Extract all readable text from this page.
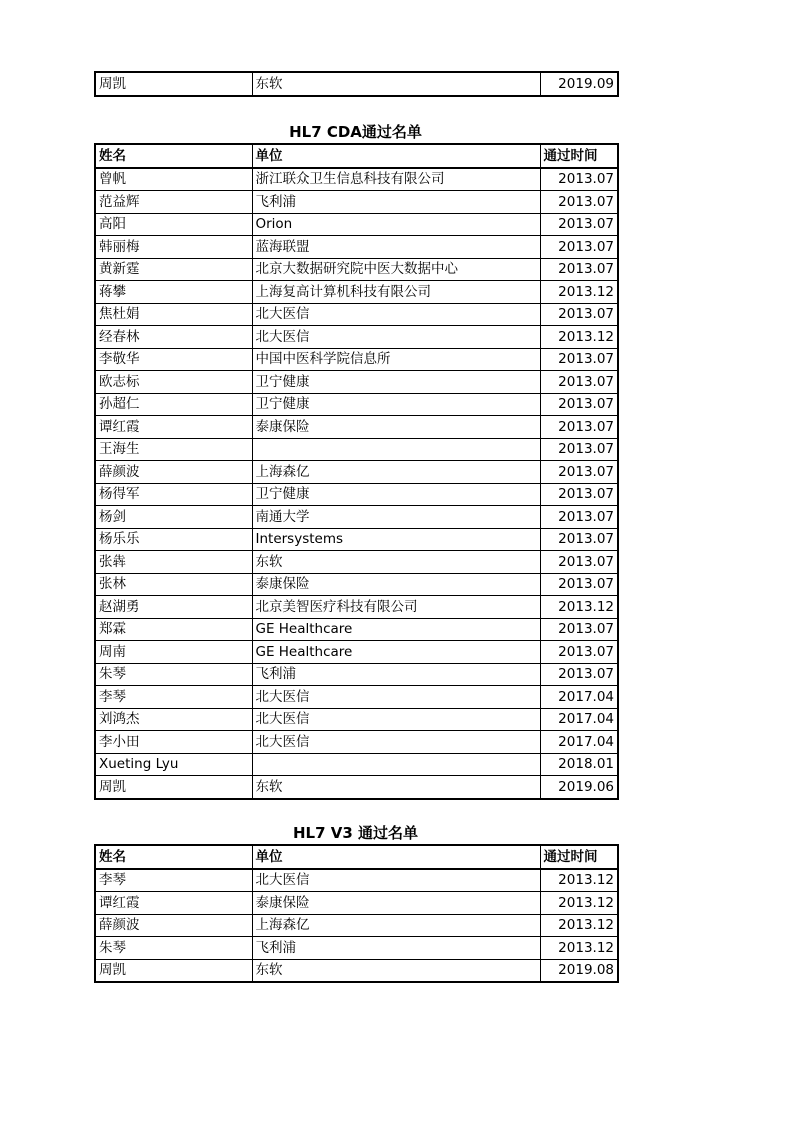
周凯	东软	2019.09
HL7 CDA通过名单
姓名	单位	通过时间
曾帆	浙江联众卫生信息科技有限公司	2013.07
范益辉	飞利浦	2013.07
高阳	Orion	2013.07
韩丽梅	蓝海联盟	2013.07
黄新霆	北京大数据研究院中医大数据中心	2013.07
蒋攀	上海复高计算机科技有限公司	2013.12
焦杜娟	北大医信	2013.07
经春林	北大医信	2013.12
李敬华	中国中医科学院信息所	2013.07
欧志标	卫宁健康	2013.07
孙超仁	卫宁健康	2013.07
谭红霞	泰康保险	2013.07
王海生		2013.07
薛颜波	上海森亿	2013.07
杨得军	卫宁健康	2013.07
杨剑	南通大学	2013.07
杨乐乐	Intersystems	2013.07
张犇	东软	2013.07
张林	泰康保险	2013.07
赵湖勇	北京美智医疗科技有限公司	2013.12
郑霖	GE Healthcare	2013.07
周南	GE Healthcare	2013.07
朱琴	飞利浦	2013.07
李琴	北大医信	2017.04
刘鸿杰	北大医信	2017.04
李小田	北大医信	2017.04
Xueting Lyu		2018.01
周凯	东软	2019.06
HL7 V3 通过名单
姓名	单位	通过时间
李琴	北大医信	2013.12
谭红霞	泰康保险	2013.12
薛颜波	上海森亿	2013.12
朱琴	飞利浦	2013.12
周凯	东软	2019.08
